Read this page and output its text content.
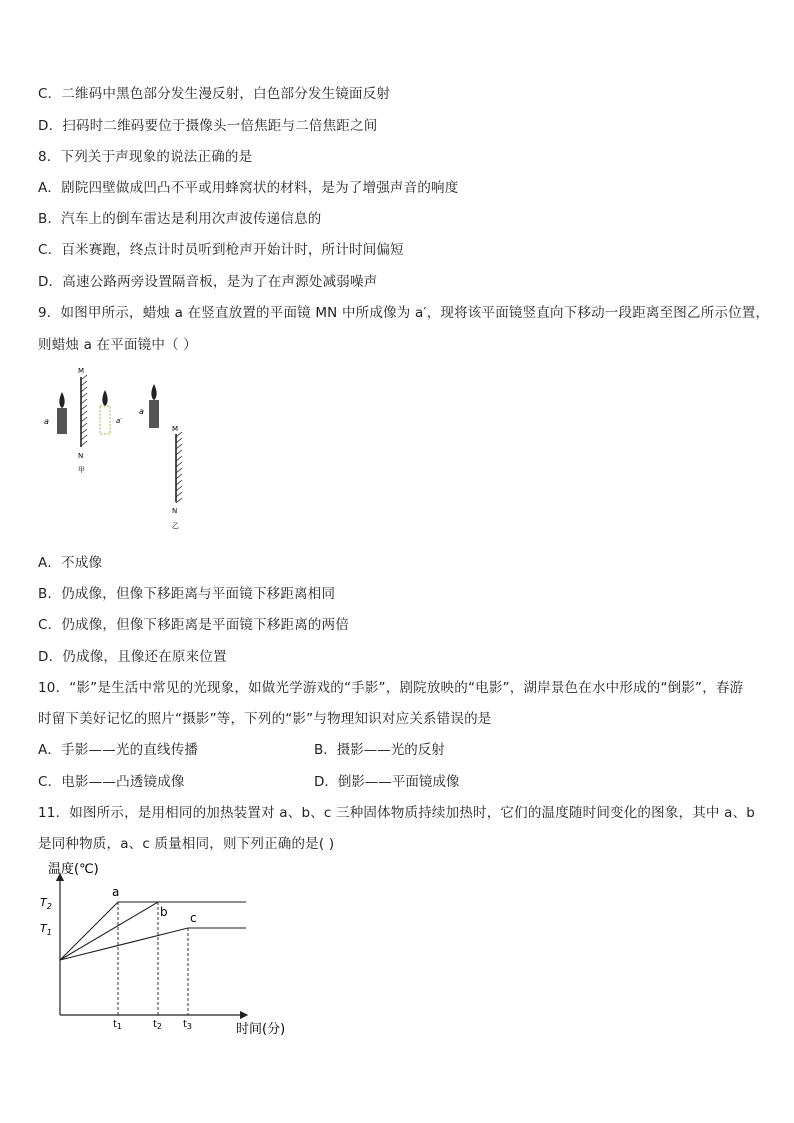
C．二维码中黑色部分发生漫反射，白色部分发生镜面反射
D．扫码时二维码要位于摄像头一倍焦距与二倍焦距之间
8．下列关于声现象的说法正确的是
A．剧院四壁做成凹凸不平或用蜂窝状的材料，是为了增强声音的响度
B．汽车上的倒车雷达是利用次声波传递信息的
C．百米赛跑，终点计时员听到枪声开始计时，所计时间偏短
D．高速公路两旁设置隔音板，是为了在声源处减弱噪声
9．如图甲所示，蜡烛 a 在竖直放置的平面镜 MN 中所成像为 a′，现将该平面镜竖直向下移动一段距离至图乙所示位置，
则蜡烛 a 在平面镜中（ ）
a
M
N
甲
a′
a
M
N
乙
A．不成像
B．仍成像，但像下移距离与平面镜下移距离相同
C．仍成像，但像下移距离是平面镜下移距离的两倍
D．仍成像，且像还在原来位置
10．“影”是生活中常见的光现象，如做光学游戏的“手影”，剧院放映的“电影”，湖岸景色在水中形成的“倒影”，春游
时留下美好记忆的照片“摄影”等，下列的“影”与物理知识对应关系错误的是
A．手影——光的直线传播	B．摄影——光的反射
C．电影——凸透镜成像	D．倒影——平面镜成像
11．如图所示，是用相同的加热装置对 a、b、c 三种固体物质持续加热时，它们的温度随时间变化的图象，其中 a、b
是同种物质，a、c 质量相同，则下列正确的是( )
温度(℃)
时间(分)
a
b c
$T_2$
$T_1$
$t_1$	$t_2$ $t_3$
